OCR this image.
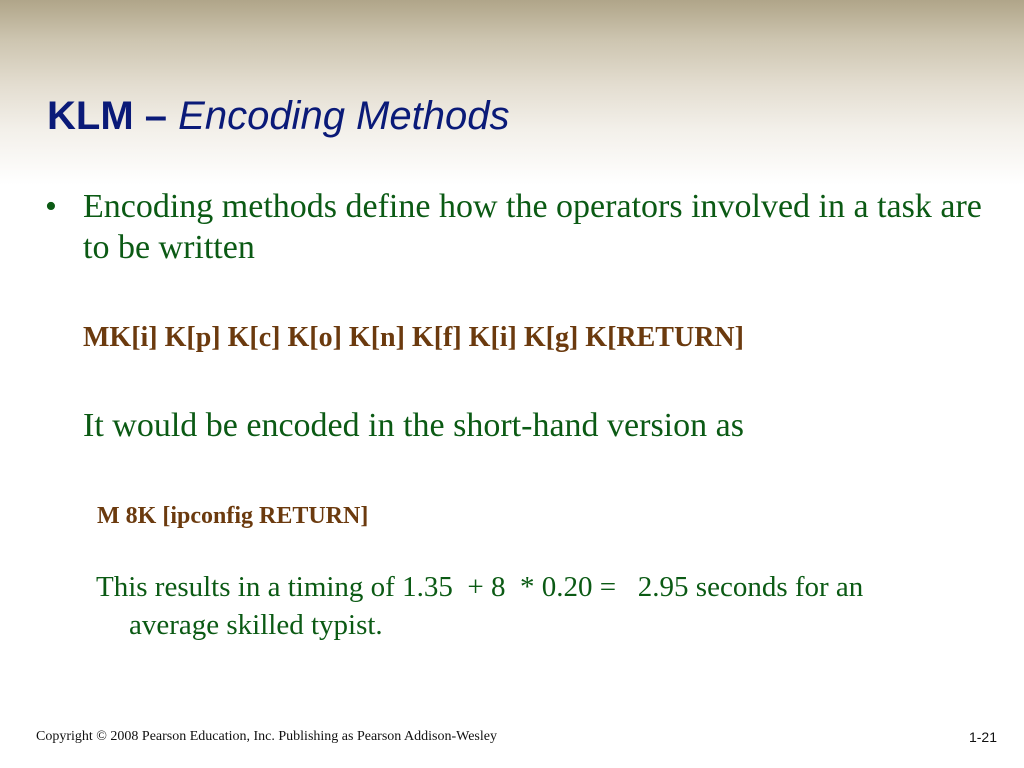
KLM – Encoding Methods
• Encoding methods define how the operators involved in a task are to be written
MK[i] K[p] K[c] K[o] K[n] K[f] K[i] K[g] K[RETURN]
It would be encoded in the short-hand version as
M 8K [ipconfig RETURN]
This results in a timing of 1.35  + 8  * 0.20 =   2.95 seconds for an
average skilled typist.
Copyright © 2008 Pearson Education, Inc. Publishing as Pearson Addison-Wesley	1-21
